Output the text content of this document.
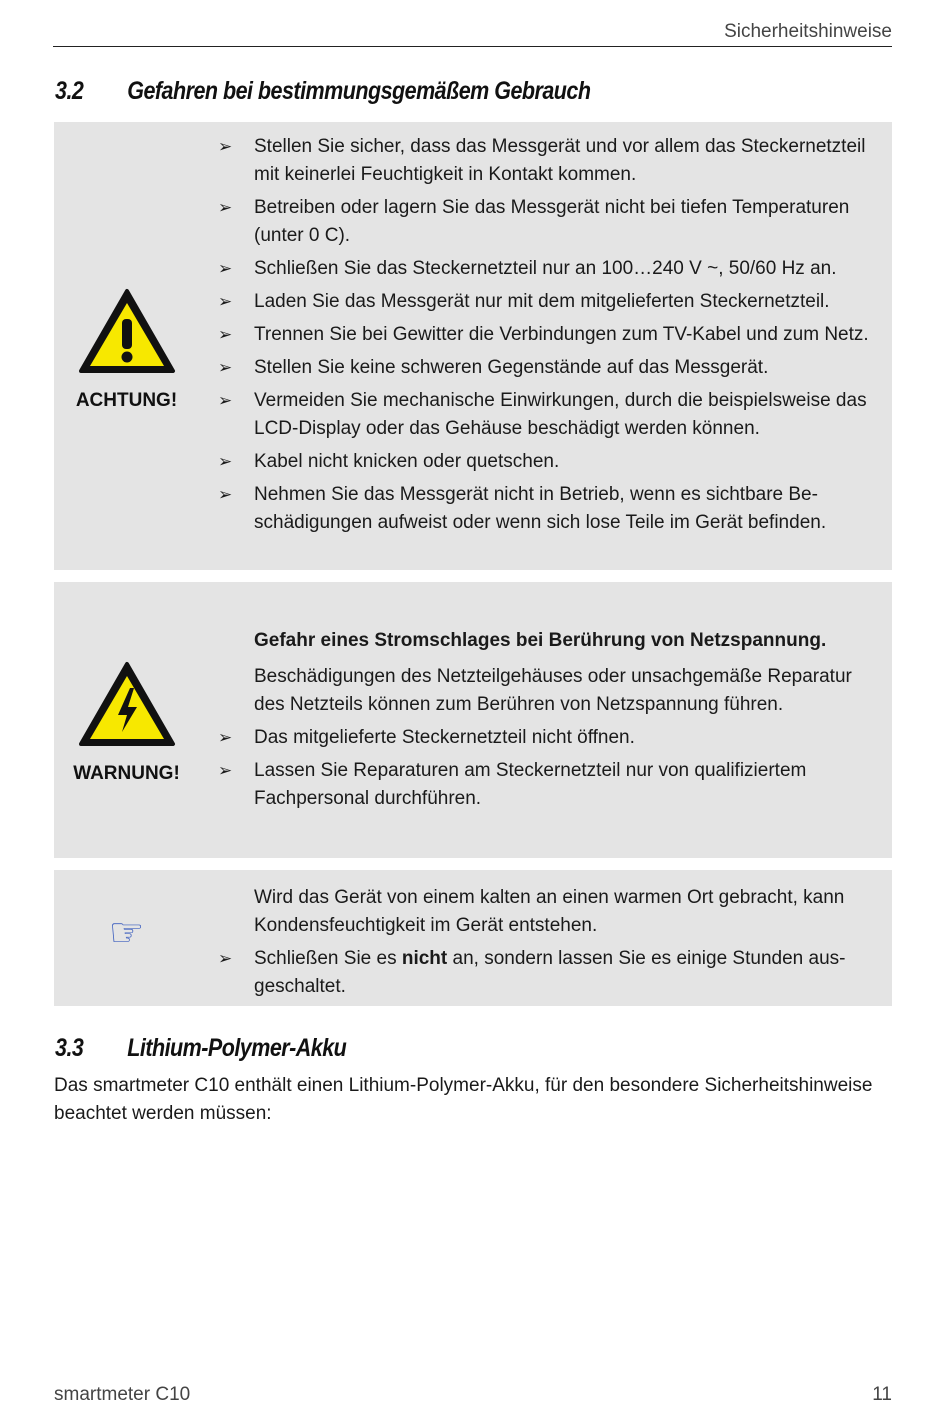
Sicherheitshinweise
3.2 Gefahren bei bestimmungsgemäßem Gebrauch
ACHTUNG!
➢	Stellen Sie sicher, dass das Messgerät und vor allem das Steckernetzteil mit keinerlei Feuchtigkeit in Kontakt kommen.
➢	Betreiben oder lagern Sie das Messgerät nicht bei tiefen Temperaturen (unter 0 C).
➢	Schließen Sie das Steckernetzteil nur an 100…240 V ~, 50/60 Hz an.
➢	Laden Sie das Messgerät nur mit dem mitgelieferten Steckernetzteil.
➢	Trennen Sie bei Gewitter die Verbindungen zum TV-Kabel und zum Netz.
➢	Stellen Sie keine schweren Gegenstände auf das Messgerät.
➢	Vermeiden Sie mechanische Einwirkungen, durch die beispielsweise das LCD-Display oder das Gehäuse beschädigt werden können.
➢	Kabel nicht knicken oder quetschen.
➢	Nehmen Sie das Messgerät nicht in Betrieb, wenn es sichtbare Beschädigungen aufweist oder wenn sich lose Teile im Gerät befinden.
WARNUNG!
Gefahr eines Stromschlages bei Berührung von Netzspannung.
Beschädigungen des Netzteilgehäuses oder unsachgemäße Reparatur des Netzteils können zum Berühren von Netzspannung führen.
➢	Das mitgelieferte Steckernetzteil nicht öffnen.
➢	Lassen Sie Reparaturen am Steckernetzteil nur von qualifiziertem Fachpersonal durchführen.
☞
Wird das Gerät von einem kalten an einen warmen Ort gebracht, kann Kondensfeuchtigkeit im Gerät entstehen.
➢	Schließen Sie es nicht an, sondern lassen Sie es einige Stunden ausgeschaltet.
3.3 Lithium-Polymer-Akku
Das smartmeter C10 enthält einen Lithium-Polymer-Akku, für den besondere Sicherheitshinweise beachtet werden müssen:
smartmeter C10	11
